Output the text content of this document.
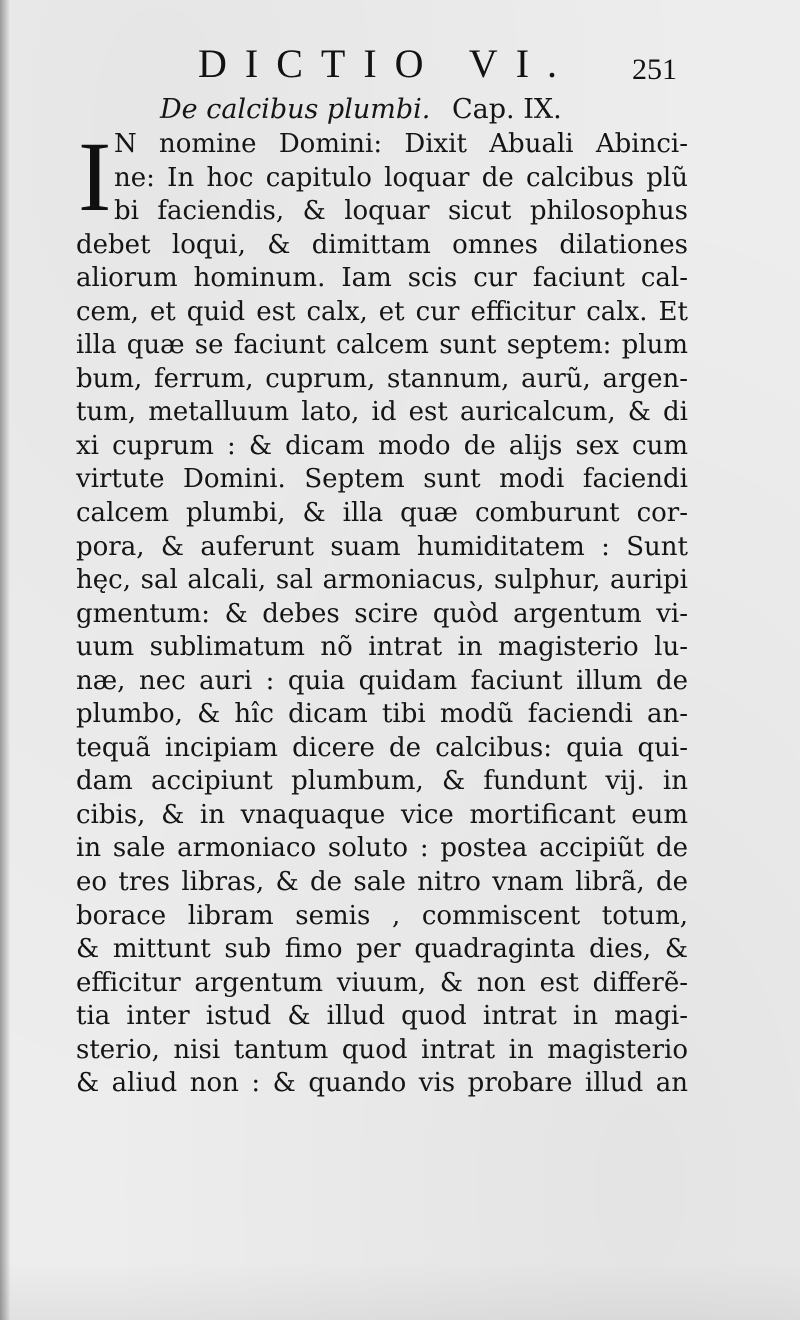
DICTIO VI. 251
De calcibus plumbi. Cap. IX.
I N nomine Domini: Dixit Abuali Abinci-
ne: In hoc capitulo loquar de calcibus plũ
bi faciendis, & loquar sicut philosophus
debet loqui, & dimittam omnes dilationes
aliorum hominum. Iam scis cur faciunt cal-
cem, et quid est calx, et cur efficitur calx. Et
illa quæ se faciunt calcem sunt septem: plum
bum, ferrum, cuprum, stannum, aurũ, argen-
tum, metalluum lato, id est auricalcum, & di
xi cuprum : & dicam modo de alijs sex cum
virtute Domini. Septem sunt modi faciendi
calcem plumbi, & illa quæ comburunt cor-
pora, & auferunt suam humiditatem : Sunt
hęc, sal alcali, sal armoniacus, sulphur, auripi
gmentum: & debes scire quòd argentum vi-
uum sublimatum nõ intrat in magisterio lu-
næ, nec auri : quia quidam faciunt illum de
plumbo, & hîc dicam tibi modũ faciendi an-
tequã incipiam dicere de calcibus: quia qui-
dam accipiunt plumbum, & fundunt vij. in
cibis, & in vnaquaque vice mortificant eum
in sale armoniaco soluto : postea accipiũt de
eo tres libras, & de sale nitro vnam librã, de
borace libram semis , commiscent totum,
& mittunt sub fimo per quadraginta dies, &
efficitur argentum viuum, & non est differẽ-
tia inter istud & illud quod intrat in magi-
sterio, nisi tantum quod intrat in magisterio
& aliud non : & quando vis probare illud an
